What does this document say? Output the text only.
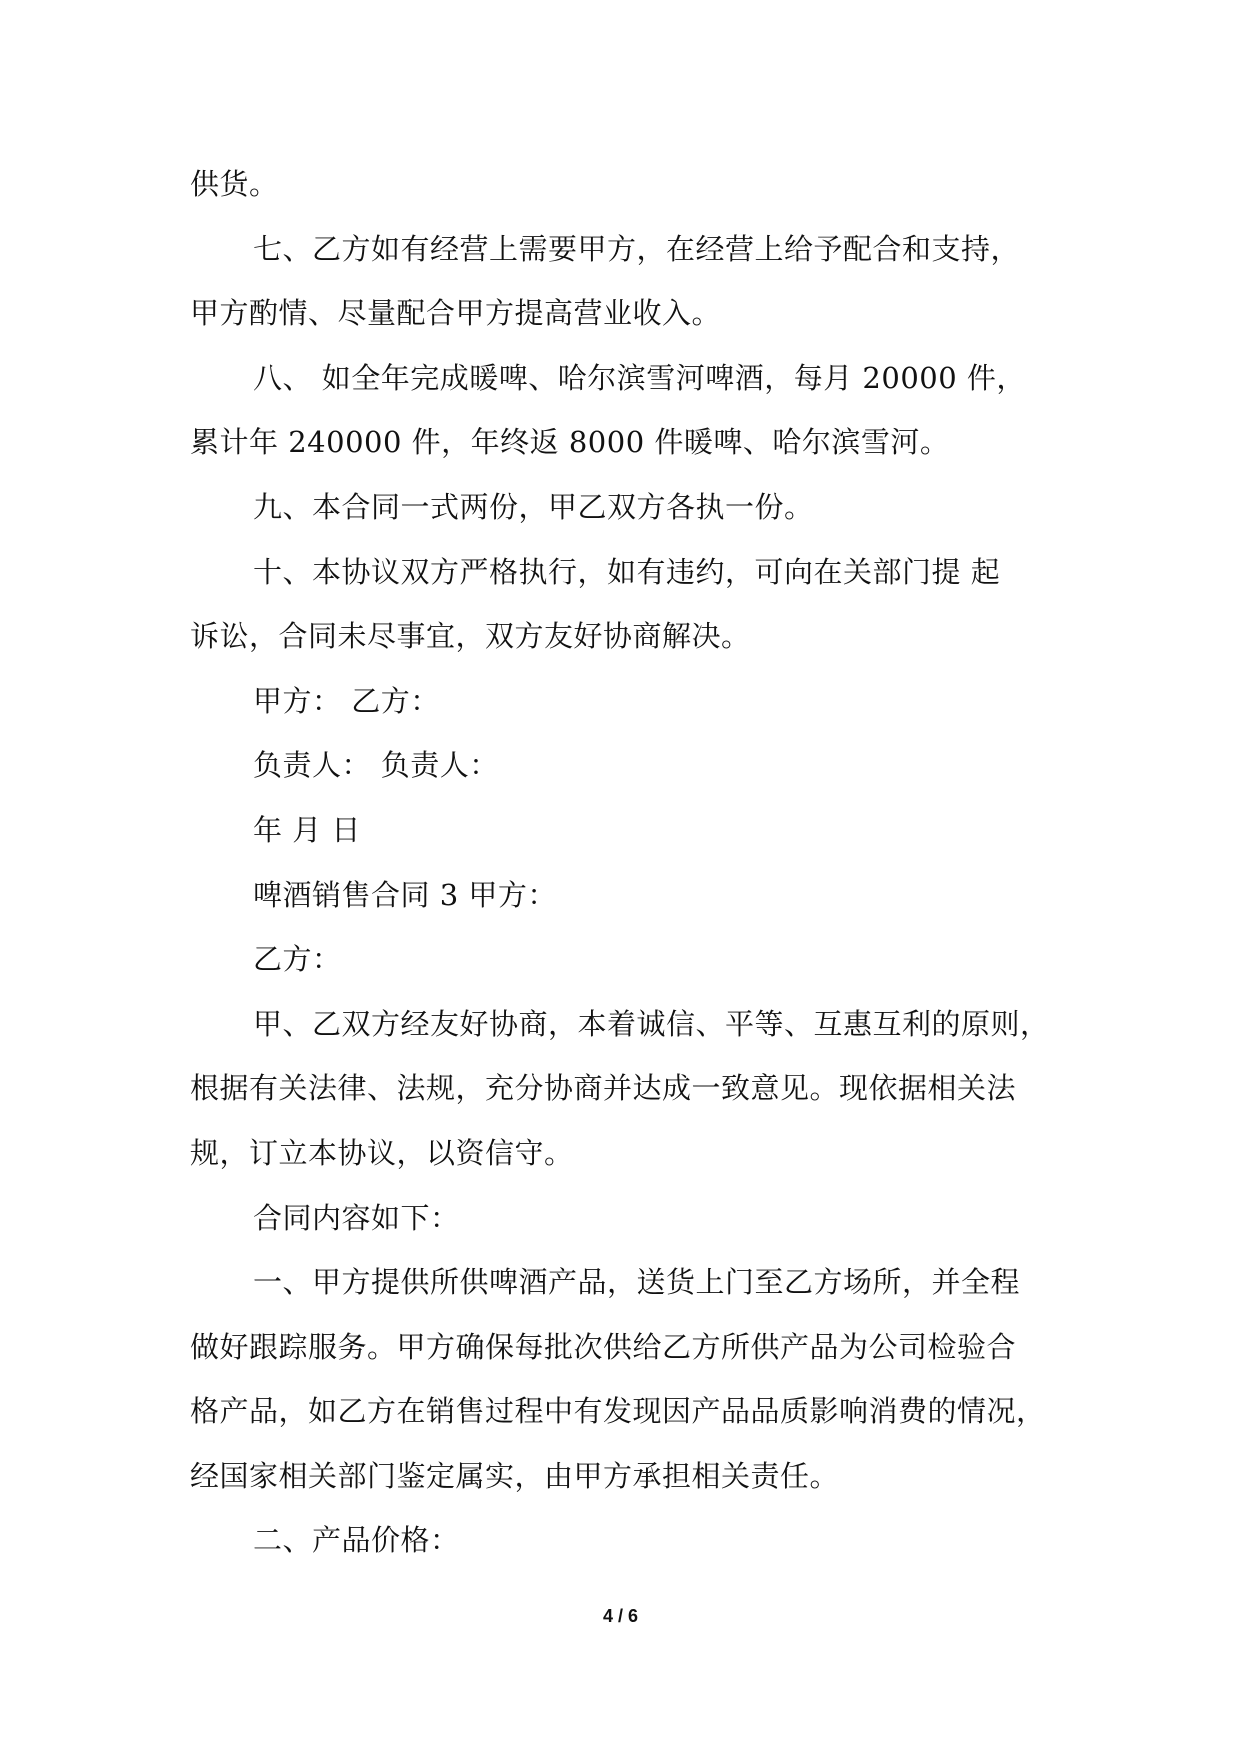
供货。
七、乙方如有经营上需要甲方，在经营上给予配合和支持，
甲方酌情、尽量配合甲方提高营业收入。
八、 如全年完成暖啤、哈尔滨雪河啤酒，每月 20000 件，
累计年 240000 件，年终返 8000 件暖啤、哈尔滨雪河。
九、本合同一式两份，甲乙双方各执一份。
十、本协议双方严格执行，如有违约，可向在关部门提 起
诉讼，合同未尽事宜，双方友好协商解决。
甲方： 乙方：
负责人： 负责人：
年 月 日
啤酒销售合同 3 甲方：
乙方：
甲、乙双方经友好协商，本着诚信、平等、互惠互利的原则，
根据有关法律、法规，充分协商并达成一致意见。现依据相关法
规，订立本协议，以资信守。
合同内容如下：
一、甲方提供所供啤酒产品，送货上门至乙方场所，并全程
做好跟踪服务。甲方确保每批次供给乙方所供产品为公司检验合
格产品，如乙方在销售过程中有发现因产品品质影响消费的情况，
经国家相关部门鉴定属实，由甲方承担相关责任。
二、产品价格：
4 / 6
